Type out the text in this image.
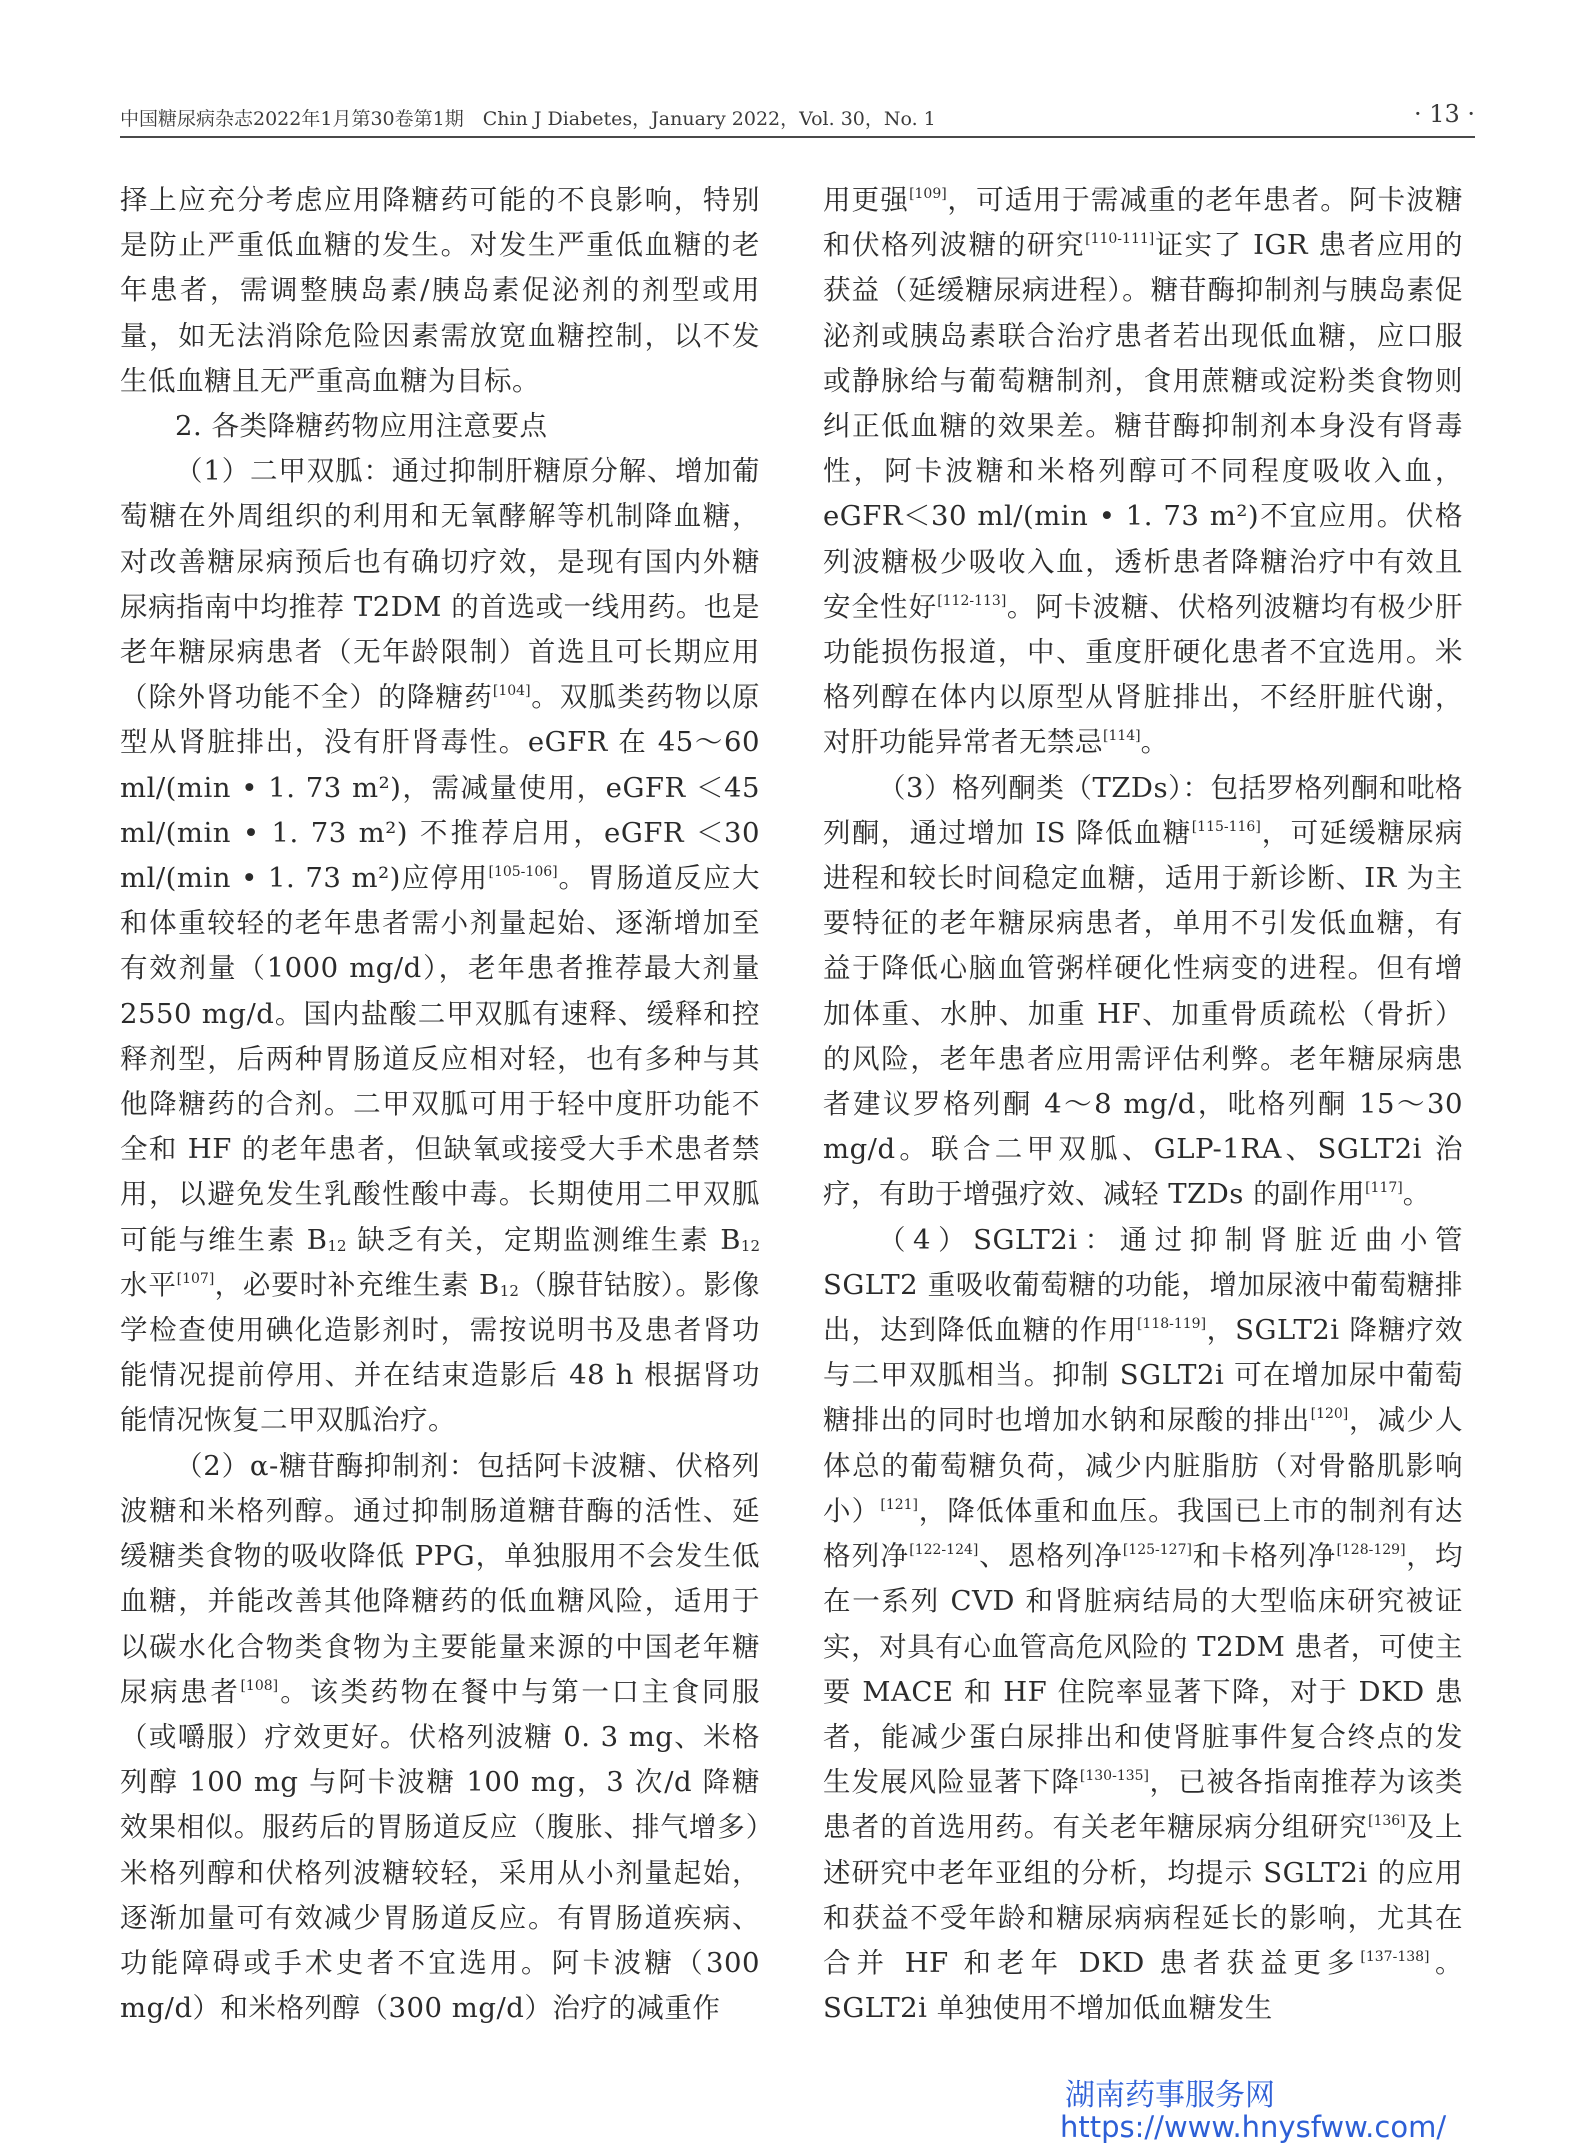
中国糖尿病杂志2022年1月第30卷第1期　Chin J Diabetes，January 2022，Vol. 30，No. 1	· 13 ·

择上应充分考虑应用降糖药可能的不良影响，特别是防止严重低血糖的发生。对发生严重低血糖的老年患者，需调整胰岛素/胰岛素促泌剂的剂型或用量，如无法消除危险因素需放宽血糖控制，以不发生低血糖且无严重高血糖为目标。

2. 各类降糖药物应用注意要点

（1）二甲双胍：通过抑制肝糖原分解、增加葡萄糖在外周组织的利用和无氧酵解等机制降血糖，对改善糖尿病预后也有确切疗效，是现有国内外糖尿病指南中均推荐 T2DM 的首选或一线用药。也是老年糖尿病患者（无年龄限制）首选且可长期应用（除外肾功能不全）的降糖药[104]。双胍类药物以原型从肾脏排出，没有肝肾毒性。eGFR 在 45～60 ml/(min • 1. 73 m²)，需减量使用，eGFR ＜45 ml/(min • 1. 73 m²) 不推荐启用，eGFR ＜30 ml/(min • 1. 73 m²)应停用[105-106]。胃肠道反应大和体重较轻的老年患者需小剂量起始、逐渐增加至有效剂量（1000 mg/d），老年患者推荐最大剂量 2550 mg/d。国内盐酸二甲双胍有速释、缓释和控释剂型，后两种胃肠道反应相对轻，也有多种与其他降糖药的合剂。二甲双胍可用于轻中度肝功能不全和 HF 的老年患者，但缺氧或接受大手术患者禁用，以避免发生乳酸性酸中毒。长期使用二甲双胍可能与维生素 $B_{12}$ 缺乏有关，定期监测维生素 $B_{12}$ 水平[107]，必要时补充维生素 $B_{12}$（腺苷钴胺）。影像学检查使用碘化造影剂时，需按说明书及患者肾功能情况提前停用、并在结束造影后 48 h 根据肾功能情况恢复二甲双胍治疗。

（2）α-糖苷酶抑制剂：包括阿卡波糖、伏格列波糖和米格列醇。通过抑制肠道糖苷酶的活性、延缓糖类食物的吸收降低 PPG，单独服用不会发生低血糖，并能改善其他降糖药的低血糖风险，适用于以碳水化合物类食物为主要能量来源的中国老年糖尿病患者[108]。该类药物在餐中与第一口主食同服（或嚼服）疗效更好。伏格列波糖 0. 3 mg、米格列醇 100 mg 与阿卡波糖 100 mg，3 次/d 降糖效果相似。服药后的胃肠道反应（腹胀、排气增多）米格列醇和伏格列波糖较轻，采用从小剂量起始，逐渐加量可有效减少胃肠道反应。有胃肠道疾病、功能障碍或手术史者不宜选用。阿卡波糖（300 mg/d）和米格列醇（300 mg/d）治疗的减重作

用更强[109]，可适用于需减重的老年患者。阿卡波糖和伏格列波糖的研究[110-111]证实了 IGR 患者应用的获益（延缓糖尿病进程）。糖苷酶抑制剂与胰岛素促泌剂或胰岛素联合治疗患者若出现低血糖，应口服或静脉给与葡萄糖制剂，食用蔗糖或淀粉类食物则纠正低血糖的效果差。糖苷酶抑制剂本身没有肾毒性，阿卡波糖和米格列醇可不同程度吸收入血，eGFR＜30 ml/(min • 1. 73 m²)不宜应用。伏格列波糖极少吸收入血，透析患者降糖治疗中有效且安全性好[112-113]。阿卡波糖、伏格列波糖均有极少肝功能损伤报道，中、重度肝硬化患者不宜选用。米格列醇在体内以原型从肾脏排出，不经肝脏代谢，对肝功能异常者无禁忌[114]。

（3）格列酮类（TZDs）：包括罗格列酮和吡格列酮，通过增加 IS 降低血糖[115-116]，可延缓糖尿病进程和较长时间稳定血糖，适用于新诊断、IR 为主要特征的老年糖尿病患者，单用不引发低血糖，有益于降低心脑血管粥样硬化性病变的进程。但有增加体重、水肿、加重 HF、加重骨质疏松（骨折）的风险，老年患者应用需评估利弊。老年糖尿病患者建议罗格列酮 4～8 mg/d，吡格列酮 15～30 mg/d。联合二甲双胍、GLP-1RA、SGLT2i 治疗，有助于增强疗效、减轻 TZDs 的副作用[117]。

（4）SGLT2i：通过抑制肾脏近曲小管 SGLT2 重吸收葡萄糖的功能，增加尿液中葡萄糖排出，达到降低血糖的作用[118-119]，SGLT2i 降糖疗效与二甲双胍相当。抑制 SGLT2i 可在增加尿中葡萄糖排出的同时也增加水钠和尿酸的排出[120]，减少人体总的葡萄糖负荷，减少内脏脂肪（对骨骼肌影响小）[121]，降低体重和血压。我国已上市的制剂有达格列净[122-124]、恩格列净[125-127]和卡格列净[128-129]，均在一系列 CVD 和肾脏病结局的大型临床研究被证实，对具有心血管高危风险的 T2DM 患者，可使主要 MACE 和 HF 住院率显著下降，对于 DKD 患者，能减少蛋白尿排出和使肾脏事件复合终点的发生发展风险显著下降[130-135]，已被各指南推荐为该类患者的首选用药。有关老年糖尿病分组研究[136]及上述研究中老年亚组的分析，均提示 SGLT2i 的应用和获益不受年龄和糖尿病病程延长的影响，尤其在合并 HF 和老年 DKD 患者获益更多[137-138]。SGLT2i 单独使用不增加低血糖发生

湖南药事服务网
https://www.hnysfww.com/
